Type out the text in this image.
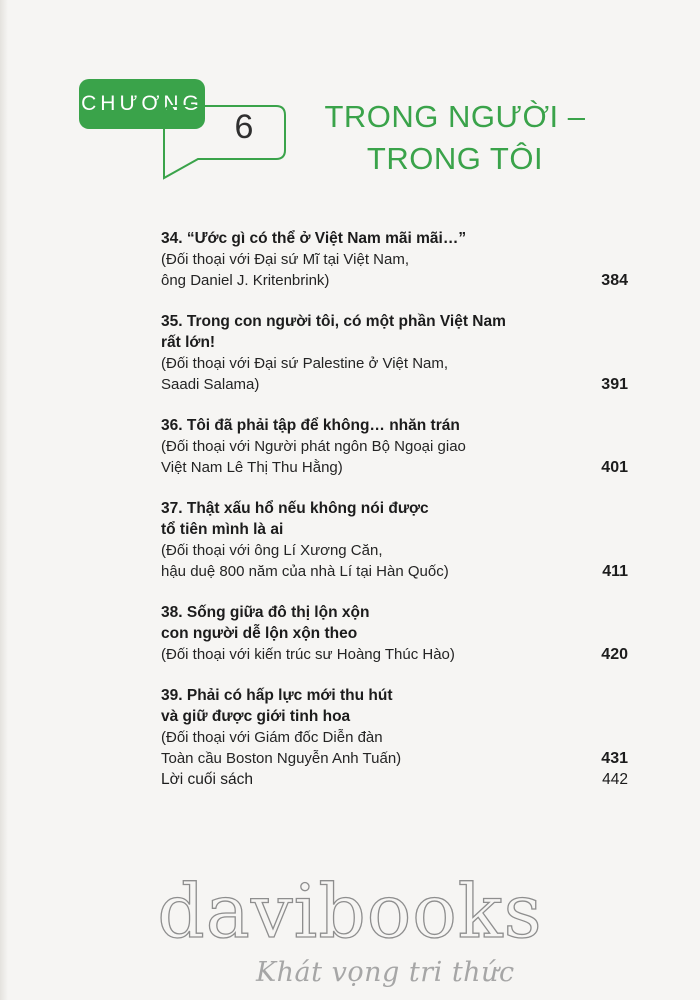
CHƯƠNG
6	TRONG NGƯỜI –
TRONG TÔI
34. “Ước gì có thể ở Việt Nam mãi mãi…”
(Đối thoại với Đại sứ Mĩ tại Việt Nam,
ông Daniel J. Kritenbrink)	384
35. Trong con người tôi, có một phần Việt Nam
rất lớn!
(Đối thoại với Đại sứ Palestine ở Việt Nam,
Saadi Salama)	391
36. Tôi đã phải tập để không… nhăn trán
(Đối thoại với Người phát ngôn Bộ Ngoại giao
Việt Nam Lê Thị Thu Hằng)	401
37. Thật xấu hổ nếu không nói được
tổ tiên mình là ai
(Đối thoại với ông Lí Xương Căn,
hậu duệ 800 năm của nhà Lí tại Hàn Quốc)	411
38. Sống giữa đô thị lộn xộn
con người dễ lộn xộn theo
(Đối thoại với kiến trúc sư Hoàng Thúc Hào)	420
39. Phải có hấp lực mới thu hút
và giữ được giới tinh hoa
(Đối thoại với Giám đốc Diễn đàn
Toàn cầu Boston Nguyễn Anh Tuấn)	431
Lời cuối sách	442
davibooks
Khát vọng tri thức
